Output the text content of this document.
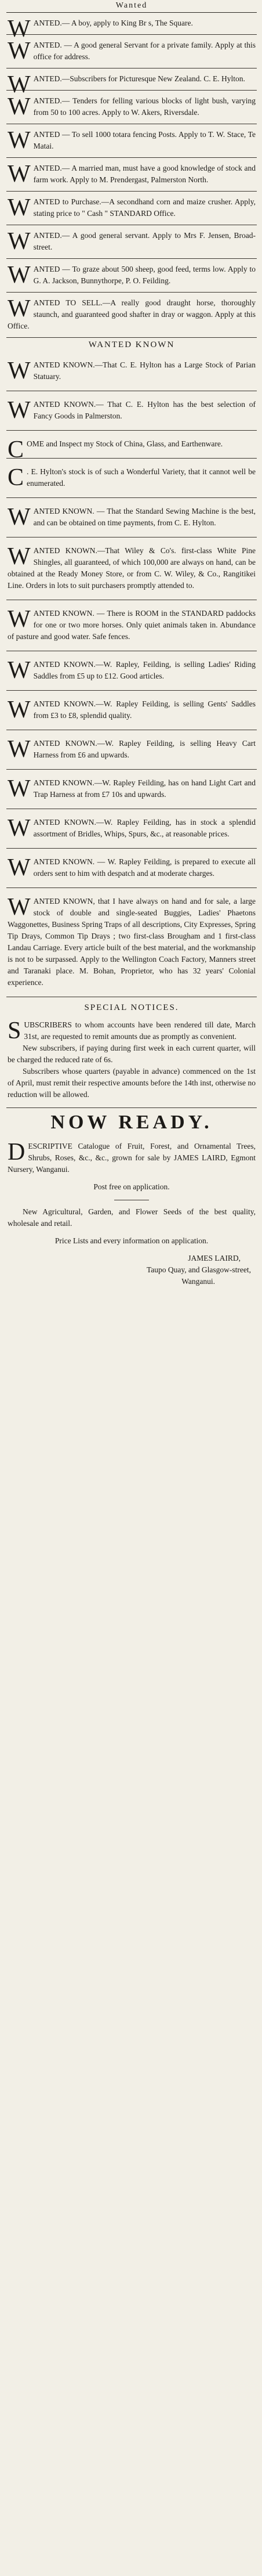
Wanted
W ANTED.— A boy, apply to King Br s, The Square.

W ANTED. — A good general Servant for a private family. Apply at this office for address.

W ANTED.—Subscribers for Picturesque New Zealand. C. E. Hylton.

W ANTED.— Tenders for felling various blocks of light bush, varying from 50 to 100 acres. Apply to W. Akers, Riversdale.

W ANTED — To sell 1000 totara fencing Posts. Apply to T. W. Stace, Te Matai.

W ANTED.— A married man, must have a good knowledge of stock and farm work. Apply to M. Prendergast, Palmerston North.

W ANTED to Purchase.—A secondhand corn and maize crusher. Apply, stating price to " Cash " STANDARD Office.

W ANTED.— A good general servant. Apply to Mrs F. Jensen, Broad-street.

W ANTED — To graze about 500 sheep, good feed, terms low. Apply to G. A. Jackson, Bunnythorpe, P. O. Feilding.

W ANTED TO SELL.—A really good draught horse, thoroughly staunch, and guaranteed good shafter in dray or waggon. Apply at this Office.

WANTED KNOWN
W ANTED KNOWN.—That C. E. Hylton has a Large Stock of Parian Statuary.

W ANTED KNOWN.— That C. E. Hylton has the best selection of Fancy Goods in Palmerston.

C OME and Inspect my Stock of China, Glass, and Earthenware.

C . E. Hylton's stock is of such a Wonderful Variety, that it cannot well be enumerated.

W ANTED KNOWN. — That the Standard Sewing Machine is the best, and can be obtained on time payments, from C. E. Hylton.

W ANTED KNOWN.—That Wiley & Co's. first-class White Pine Shingles, all guaranteed, of which 100,000 are always on hand, can be obtained at the Ready Money Store, or from C. W. Wiley, & Co., Rangitikei Line. Orders in lots to suit purchasers promptly attended to.

W ANTED KNOWN. — There is ROOM in the STANDARD paddocks for one or two more horses. Only quiet animals taken in. Abundance of pasture and good water. Safe fences.

W ANTED KNOWN.—W. Rapley, Feilding, is selling Ladies' Riding Saddles from £5 up to £12. Good articles.

W ANTED KNOWN.—W. Rapley Feilding, is selling Gents' Saddles from £3 to £8, splendid quality.

W ANTED KNOWN.—W. Rapley Feilding, is selling Heavy Cart Harness from £6 and upwards.

W ANTED KNOWN.—W. Rapley Feilding, has on hand Light Cart and Trap Harness at from £7 10s and upwards.

W ANTED KNOWN.—W. Rapley Feilding, has in stock a splendid assortment of Bridles, Whips, Spurs, &c., at reasonable prices.

W ANTED KNOWN. — W. Rapley Feilding, is prepared to execute all orders sent to him with despatch and at moderate charges.

W ANTED KNOWN, that I have always on hand and for sale, a large stock of double and single-seated Buggies, Ladies' Phaetons Waggonettes, Business Spring Traps of all descriptions, City Expresses, Spring Tip Drays, Common Tip Drays ; two first-class Brougham and 1 first-class Landau Carriage. Every article built of the best material, and the workmanship is not to be surpassed. Apply to the Wellington Coach Factory, Manners street and Taranaki place. M. Bohan, Proprietor, who has 32 years' Colonial experience.

SPECIAL NOTICES.
S UBSCRIBERS to whom accounts have been rendered till date, March 31st, are requested to remit amounts due as promptly as convenient.

New subscribers, if paying during first week in each current quarter, will be charged the reduced rate of 6s.

Subscribers whose quarters (payable in advance) commenced on the 1st of April, must remit their respective amounts before the 14th inst, otherwise no reduction will be allowed.

NOW READY.
D ESCRIPTIVE Catalogue of Fruit, Forest, and Ornamental Trees, Shrubs, Roses, &c., &c., grown for sale by JAMES LAIRD, Egmont Nursery, Wanganui.

Post free on application.

New Agricultural, Garden, and Flower Seeds of the best quality, wholesale and retail.

Price Lists and every information on application.

JAMES LAIRD,

Taupo Quay, and Glasgow-street,

Wanganui.
